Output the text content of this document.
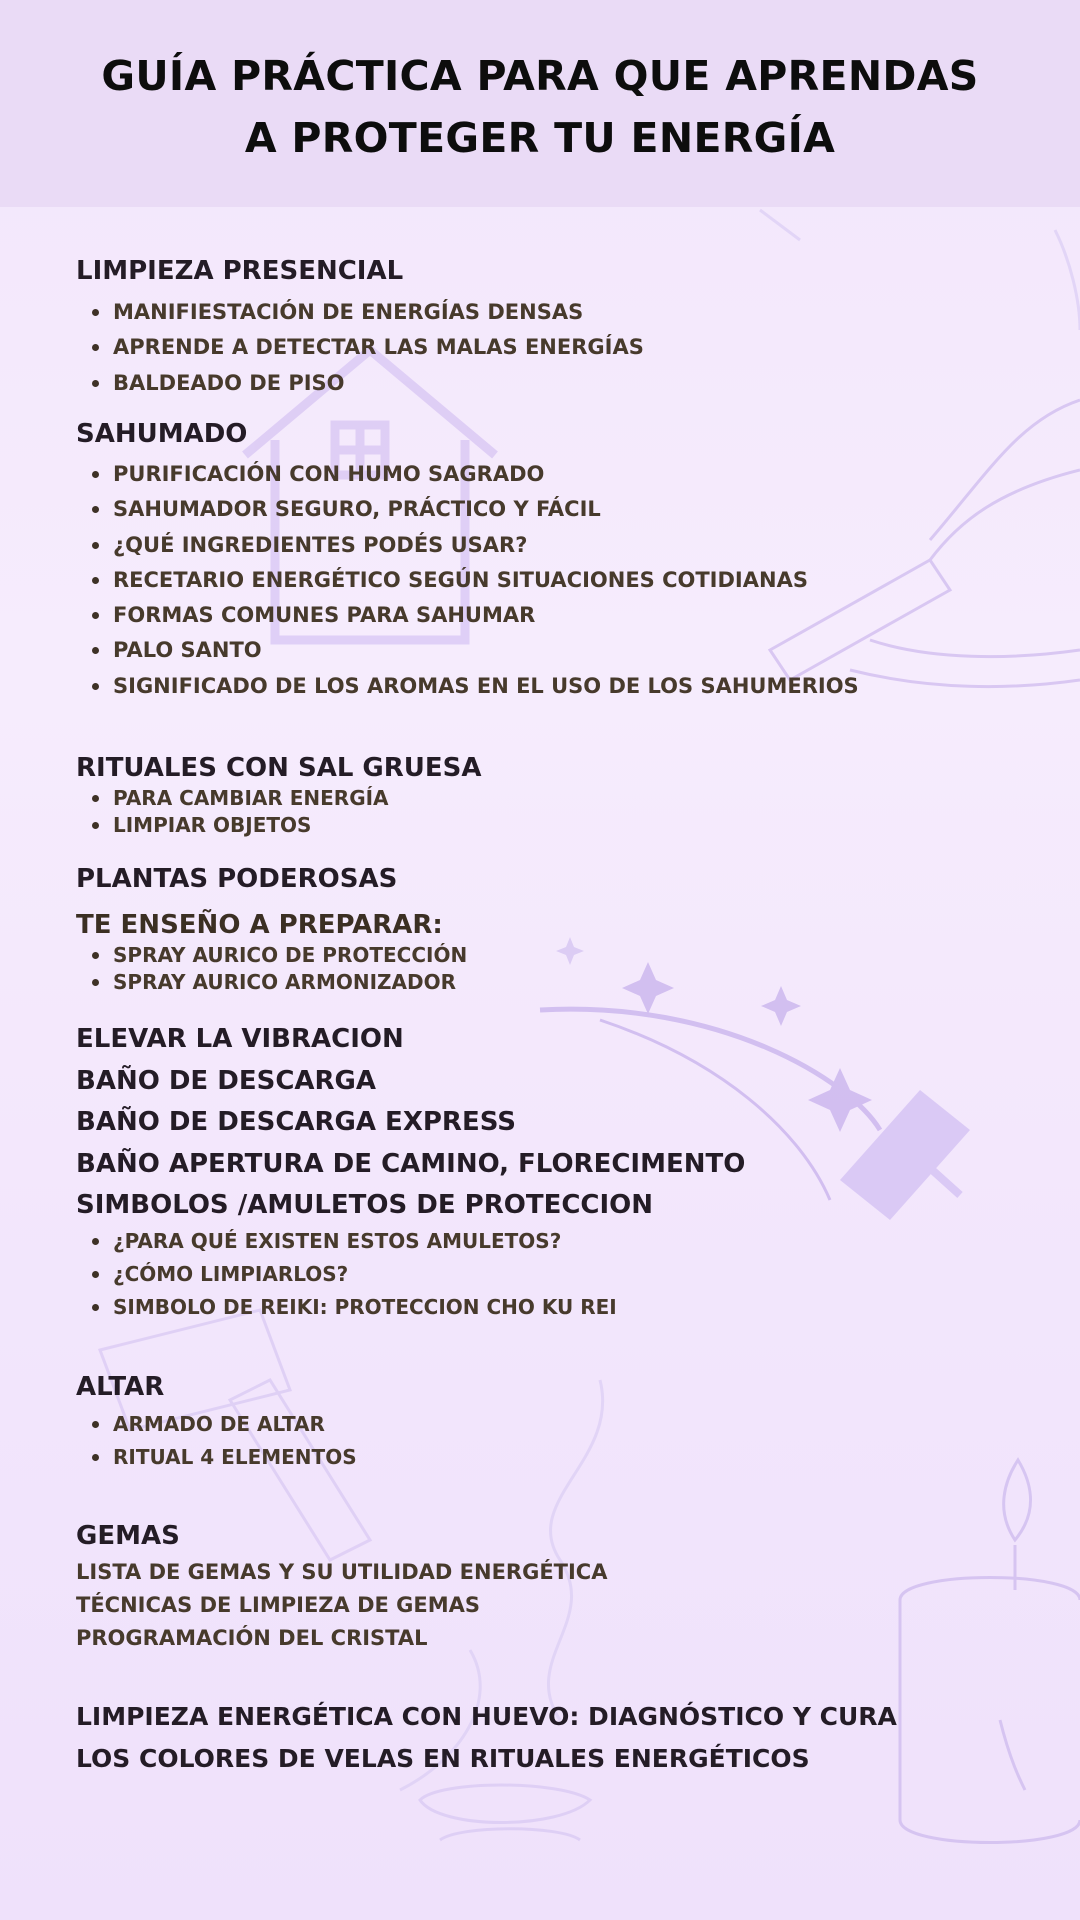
GUÍA PRÁCTICA PARA QUE APRENDAS
A PROTEGER TU ENERGÍA

LIMPIEZA PRESENCIAL

MANIFIESTACIÓN DE ENERGÍAS DENSAS

APRENDE A DETECTAR LAS MALAS ENERGÍAS

BALDEADO DE PISO

SAHUMADO

PURIFICACIÓN CON HUMO SAGRADO

SAHUMADOR SEGURO, PRÁCTICO Y FÁCIL

¿QUÉ INGREDIENTES PODÉS USAR?

RECETARIO ENERGÉTICO SEGÚN SITUACIONES COTIDIANAS

FORMAS COMUNES PARA SAHUMAR

PALO SANTO

SIGNIFICADO DE LOS AROMAS EN EL USO DE LOS SAHUMERIOS

RITUALES CON SAL GRUESA

PARA CAMBIAR ENERGÍA

LIMPIAR OBJETOS

PLANTAS PODEROSAS

TE ENSEÑO A PREPARAR:

SPRAY AURICO DE PROTECCIÓN

SPRAY AURICO ARMONIZADOR

ELEVAR LA VIBRACION

BAÑO DE DESCARGA

BAÑO DE DESCARGA EXPRESS

BAÑO APERTURA DE CAMINO, FLORECIMENTO

SIMBOLOS /AMULETOS DE PROTECCION

¿PARA QUÉ EXISTEN ESTOS AMULETOS?

¿CÓMO LIMPIARLOS?

SIMBOLO DE REIKI: PROTECCION CHO KU REI

ALTAR

ARMADO DE ALTAR

RITUAL 4 ELEMENTOS

GEMAS

LISTA DE GEMAS Y SU UTILIDAD ENERGÉTICA

TÉCNICAS DE LIMPIEZA DE GEMAS

PROGRAMACIÓN DEL CRISTAL

LIMPIEZA ENERGÉTICA CON HUEVO: DIAGNÓSTICO Y CURA

LOS COLORES DE VELAS EN RITUALES ENERGÉTICOS
